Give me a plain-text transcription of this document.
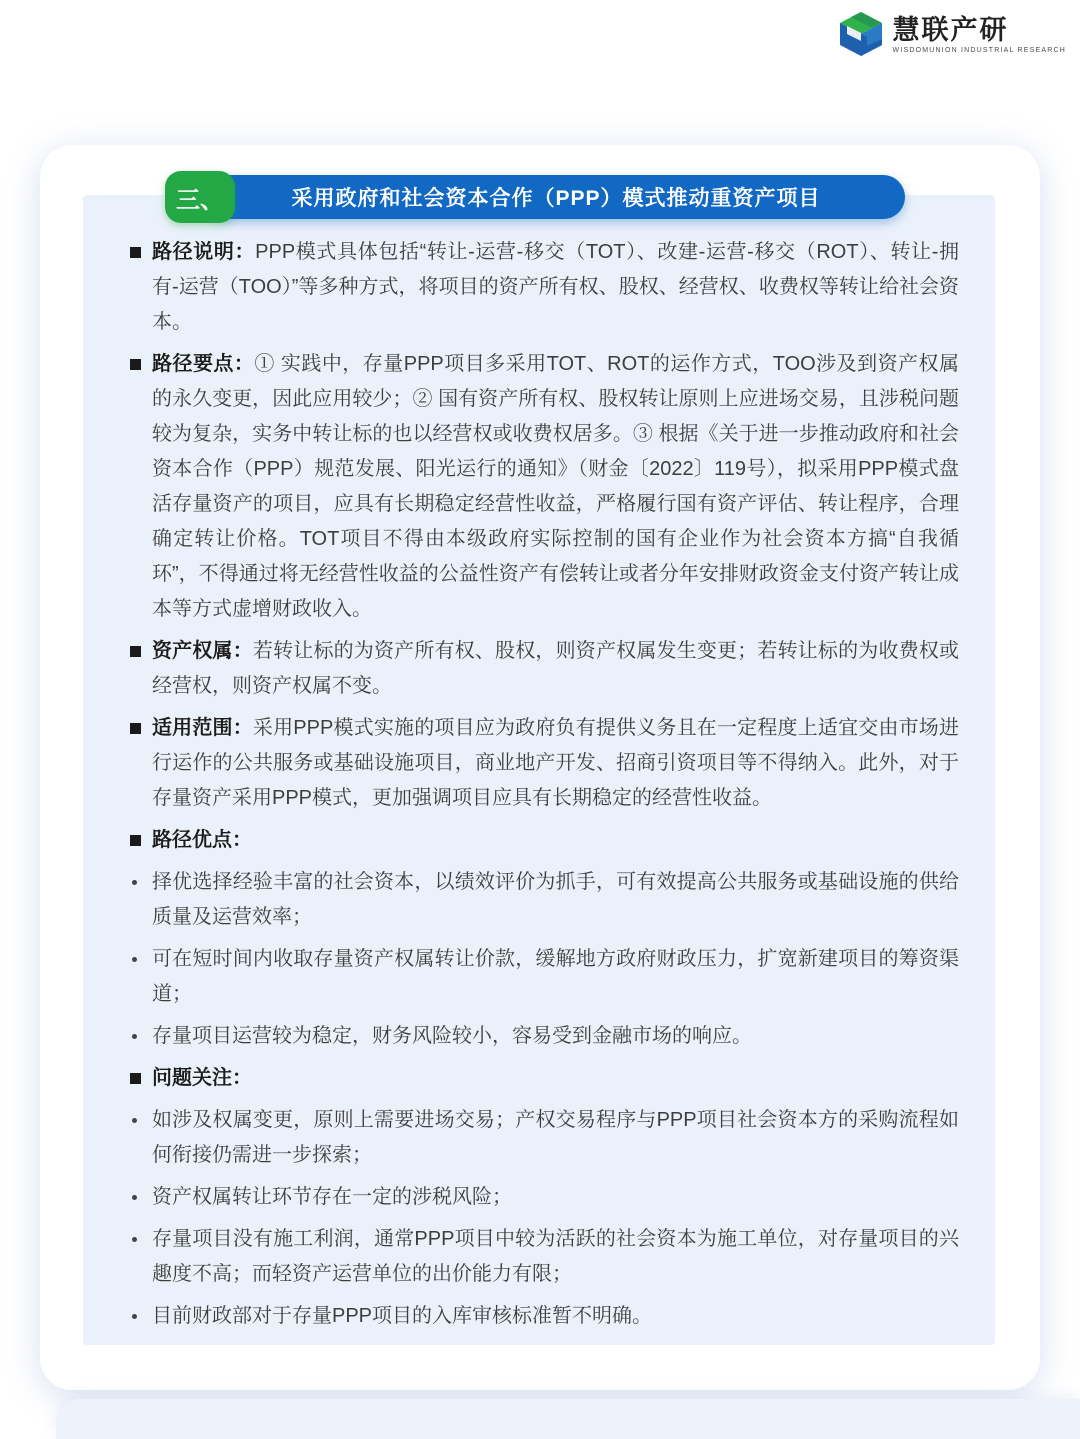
慧联产研
WISDOMUNION INDUSTRIAL RESEARCH
采用政府和社会资本合作（PPP）模式推动重资产项目
三、

路径说明：PPP模式具体包括“转让-运营-移交（TOT）、改建-运营-移交（ROT）、转让-拥有-运营（TOO）”等多种方式，将项目的资产所有权、股权、经营权、收费权等转让给社会资本。

路径要点：① 实践中，存量PPP项目多采用TOT、ROT的运作方式，TOO涉及到资产权属的永久变更，因此应用较少；② 国有资产所有权、股权转让原则上应进场交易，且涉税问题较为复杂，实务中转让标的也以经营权或收费权居多。③ 根据《关于进一步推动政府和社会资本合作（PPP）规范发展、阳光运行的通知》（财金〔2022〕119号），拟采用PPP模式盘活存量资产的项目，应具有长期稳定经营性收益，严格履行国有资产评估、转让程序，合理确定转让价格。TOT项目不得由本级政府实际控制的国有企业作为社会资本方搞“自我循环”，不得通过将无经营性收益的公益性资产有偿转让或者分年安排财政资金支付资产转让成本等方式虚增财政收入。

资产权属：若转让标的为资产所有权、股权，则资产权属发生变更；若转让标的为收费权或经营权，则资产权属不变。

适用范围：采用PPP模式实施的项目应为政府负有提供义务且在一定程度上适宜交由市场进行运作的公共服务或基础设施项目，商业地产开发、招商引资项目等不得纳入。此外，对于存量资产采用PPP模式，更加强调项目应具有长期稳定的经营性收益。

路径优点：

择优选择经验丰富的社会资本，以绩效评价为抓手，可有效提高公共服务或基础设施的供给质量及运营效率；

可在短时间内收取存量资产权属转让价款，缓解地方政府财政压力，扩宽新建项目的筹资渠道；

存量项目运营较为稳定，财务风险较小，容易受到金融市场的响应。

问题关注：

如涉及权属变更，原则上需要进场交易；产权交易程序与PPP项目社会资本方的采购流程如何衔接仍需进一步探索；

资产权属转让环节存在一定的涉税风险；

存量项目没有施工利润，通常PPP项目中较为活跃的社会资本为施工单位，对存量项目的兴趣度不高；而轻资产运营单位的出价能力有限；

目前财政部对于存量PPP项目的入库审核标准暂不明确。
